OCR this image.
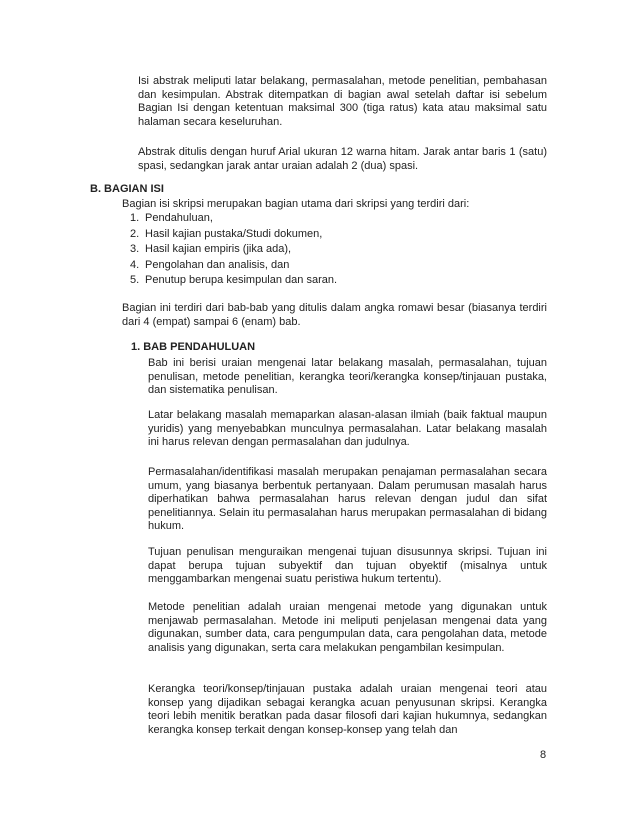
Isi abstrak meliputi latar belakang, permasalahan, metode penelitian, pembahasan dan kesimpulan. Abstrak ditempatkan di bagian awal setelah daftar isi sebelum Bagian Isi dengan ketentuan maksimal 300 (tiga ratus) kata atau maksimal satu halaman secara keseluruhan.

Abstrak ditulis dengan huruf Arial ukuran 12 warna hitam. Jarak antar baris 1 (satu) spasi, sedangkan jarak antar uraian adalah 2 (dua) spasi.

B. BAGIAN ISI

Bagian isi skripsi merupakan bagian utama dari skripsi yang terdiri dari:

1. Pendahuluan,
2. Hasil kajian pustaka/Studi dokumen,
3. Hasil kajian empiris (jika ada),
4. Pengolahan dan analisis, dan
5. Penutup berupa kesimpulan dan saran.

Bagian ini terdiri dari bab-bab yang ditulis dalam angka romawi besar (biasanya terdiri dari 4 (empat) sampai 6 (enam) bab.

1. BAB PENDAHULUAN

Bab ini berisi uraian mengenai latar belakang masalah, permasalahan, tujuan penulisan, metode penelitian, kerangka teori/kerangka konsep/tinjauan pustaka, dan sistematika penulisan.

Latar belakang masalah memaparkan alasan-alasan ilmiah (baik faktual maupun yuridis) yang menyebabkan munculnya permasalahan. Latar belakang masalah ini harus relevan dengan permasalahan dan judulnya.

Permasalahan/identifikasi masalah merupakan penajaman permasalahan secara umum, yang biasanya berbentuk pertanyaan. Dalam perumusan masalah harus diperhatikan bahwa permasalahan harus relevan dengan judul dan sifat penelitiannya. Selain itu permasalahan harus merupakan permasalahan di bidang hukum.

Tujuan penulisan menguraikan mengenai tujuan disusunnya skripsi. Tujuan ini dapat berupa tujuan subyektif dan tujuan obyektif (misalnya untuk menggambarkan mengenai suatu peristiwa hukum tertentu).

Metode penelitian adalah uraian mengenai metode yang digunakan untuk menjawab permasalahan. Metode ini meliputi penjelasan mengenai data yang digunakan, sumber data, cara pengumpulan data, cara pengolahan data, metode analisis yang digunakan, serta cara melakukan pengambilan kesimpulan.

Kerangka teori/konsep/tinjauan pustaka adalah uraian mengenai teori atau konsep yang dijadikan sebagai kerangka acuan penyusunan skripsi. Kerangka teori lebih menitik beratkan pada dasar filosofi dari kajian hukumnya, sedangkan kerangka konsep terkait dengan konsep-konsep yang telah dan

8
